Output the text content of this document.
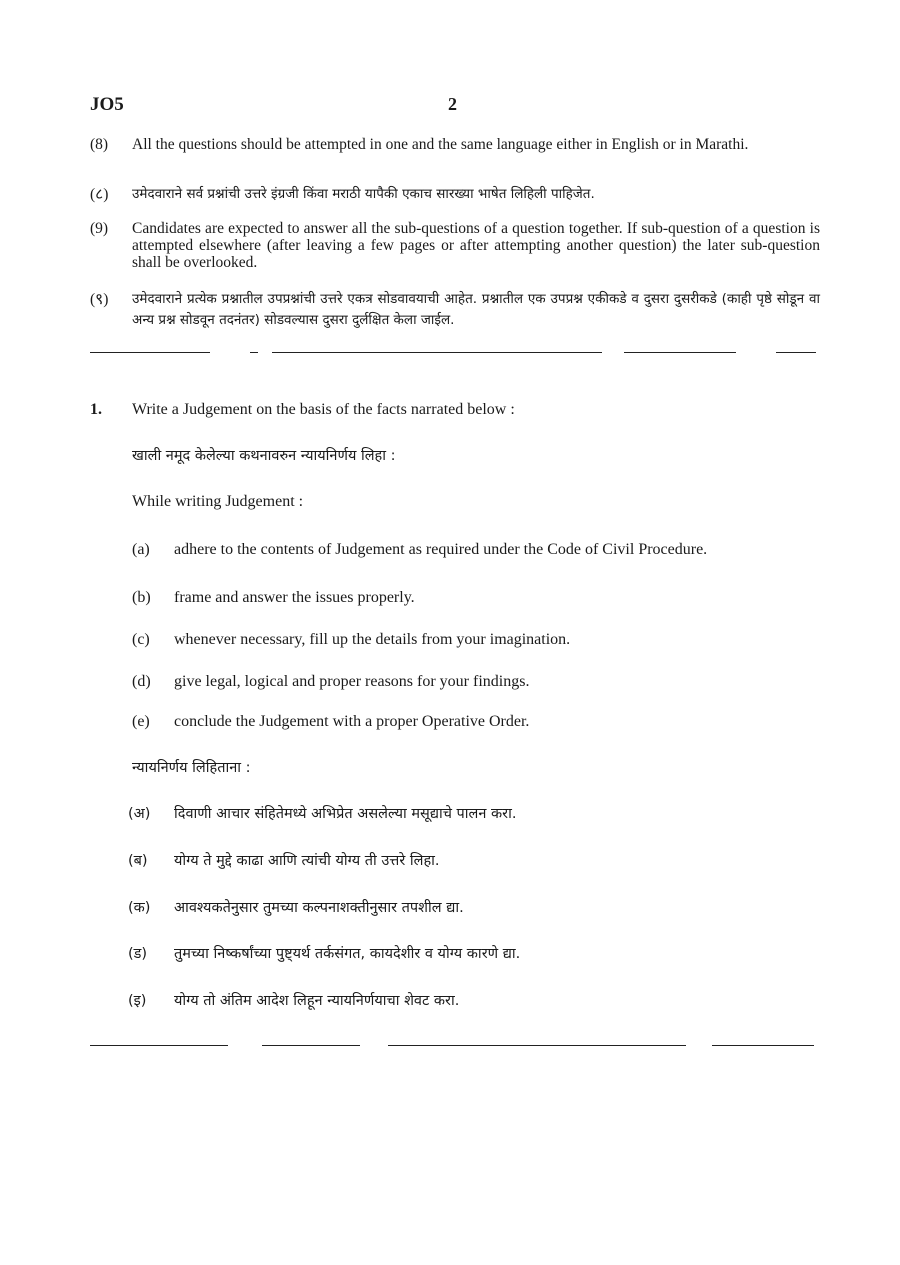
JO5	2
(8) All the questions should be attempted in one and the same language either in English or in Marathi.
(८) उमेदवाराने सर्व प्रश्नांची उत्तरे इंग्रजी किंवा मराठी यापैकी एकाच सारख्या भाषेत लिहिली पाहिजेत.
(9) Candidates are expected to answer all the sub-questions of a question together. If sub-question of a question is attempted elsewhere (after leaving a few pages or after attempting another question) the later sub-question shall be overlooked.
(९) उमेदवाराने प्रत्येक प्रश्नातील उपप्रश्नांची उत्तरे एकत्र सोडवावयाची आहेत. प्रश्नातील एक उपप्रश्न एकीकडे व दुसरा दुसरीकडे (काही पृष्ठे सोडून वा अन्य प्रश्न सोडवून तदनंतर) सोडवल्यास दुसरा दुर्लक्षित केला जाईल.
1. Write a Judgement on the basis of the facts narrated below :
खाली नमूद केलेल्या कथनावरुन न्यायनिर्णय लिहा :
While writing Judgement :
(a) adhere to the contents of Judgement as required under the Code of Civil Procedure.
(b) frame and answer the issues properly.
(c) whenever necessary, fill up the details from your imagination.
(d) give legal, logical and proper reasons for your findings.
(e) conclude the Judgement with a proper Operative Order.
न्यायनिर्णय लिहिताना :
(अ) दिवाणी आचार संहितेमध्ये अभिप्रेत असलेल्या मसूद्याचे पालन करा.
(ब) योग्य ते मुद्दे काढा आणि त्यांची योग्य ती उत्तरे लिहा.
(क) आवश्यकतेनुसार तुमच्या कल्पनाशक्तीनुसार तपशील द्या.
(ड) तुमच्या निष्कर्षांच्या पुष्ट्यर्थ तर्कसंगत, कायदेशीर व योग्य कारणे द्या.
(इ) योग्य तो अंतिम आदेश लिहून न्यायनिर्णयाचा शेवट करा.
